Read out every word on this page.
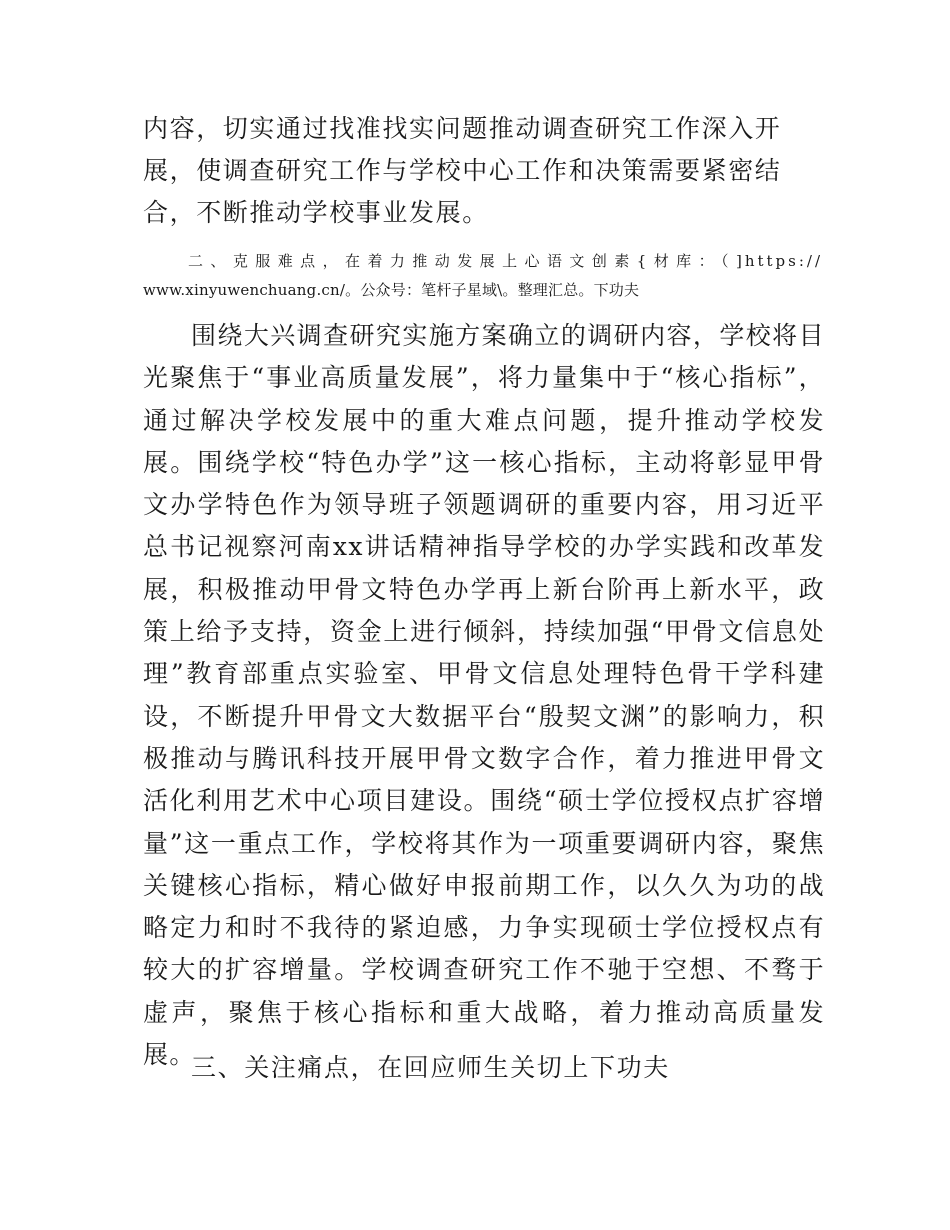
内容，切实通过找准找实问题推动调查研究工作深入开展，使调查研究工作与学校中心工作和决策需要紧密结合，不断推动学校事业发展。

二、克服难点，在着力推动发展上心语文创素{材库：（]https://
www.xinyuwenchuang.cn/。公众号：笔杆子星域\。整理汇总。下功夫

围绕大兴调查研究实施方案确立的调研内容，学校将目光聚焦于“事业高质量发展”，将力量集中于“核心指标”，通过解决学校发展中的重大难点问题，提升推动学校发展。围绕学校“特色办学”这一核心指标，主动将彰显甲骨文办学特色作为领导班子领题调研的重要内容，用习近平总书记视察河南xx讲话精神指导学校的办学实践和改革发展，积极推动甲骨文特色办学再上新台阶再上新水平，政策上给予支持，资金上进行倾斜，持续加强“甲骨文信息处理”教育部重点实验室、甲骨文信息处理特色骨干学科建设，不断提升甲骨文大数据平台“殷契文渊”的影响力，积极推动与腾讯科技开展甲骨文数字合作，着力推进甲骨文活化利用艺术中心项目建设。围绕“硕士学位授权点扩容增量”这一重点工作，学校将其作为一项重要调研内容，聚焦关键核心指标，精心做好申报前期工作，以久久为功的战略定力和时不我待的紧迫感，力争实现硕士学位授权点有较大的扩容增量。学校调查研究工作不驰于空想、不骛于虚声，聚焦于核心指标和重大战略，着力推动高质量发展。

三、关注痛点，在回应师生关切上下功夫
